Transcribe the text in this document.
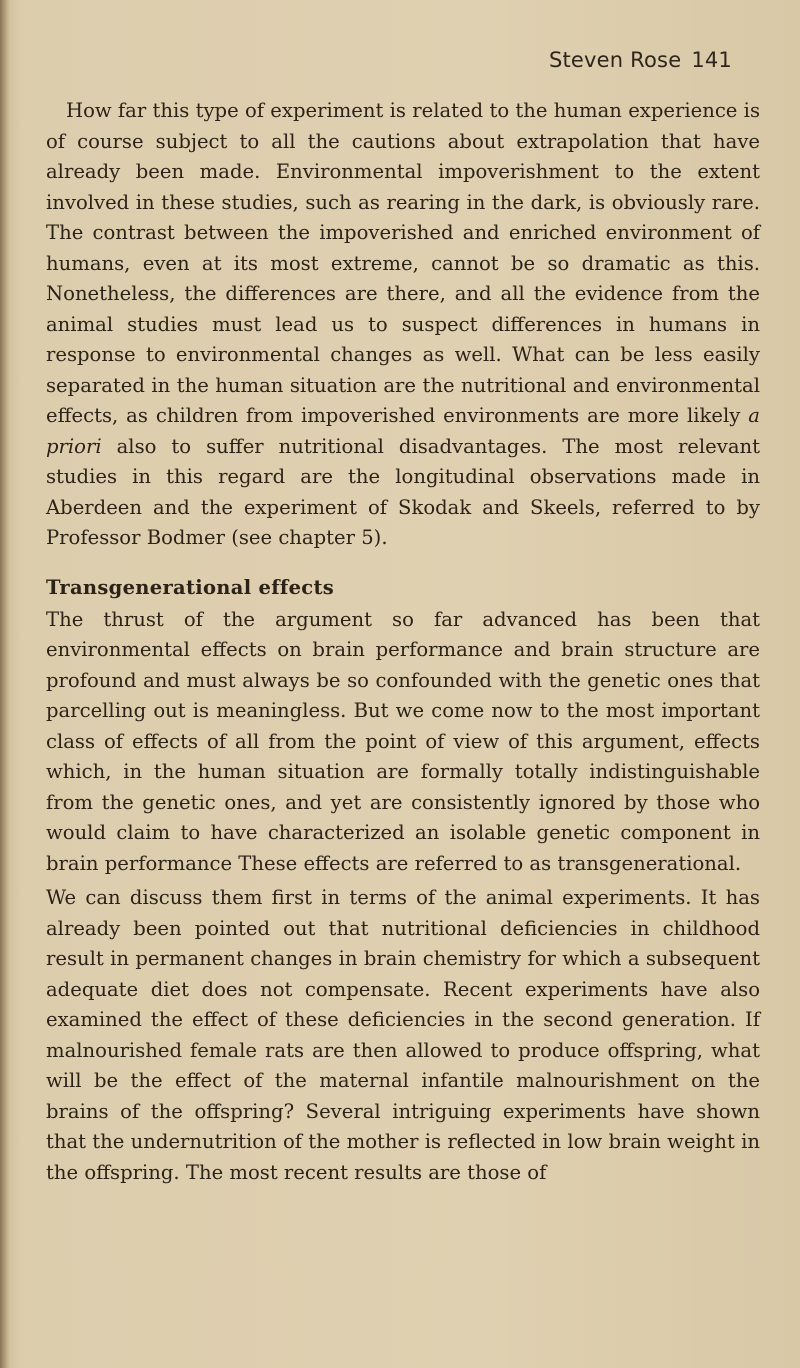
Steven Rose 141

How far this type of experiment is related to the human experience is of course subject to all the cautions about extrapolation that have already been made. Environmental impoverishment to the extent involved in these studies, such as rearing in the dark, is obviously rare. The contrast between the impoverished and enriched environment of humans, even at its most extreme, cannot be so dramatic as this. Nonetheless, the differences are there, and all the evidence from the animal studies must lead us to suspect differences in humans in response to environmental changes as well. What can be less easily separated in the human situation are the nutritional and environmental effects, as children from impoverished environments are more likely a priori also to suffer nutritional disadvantages. The most relevant studies in this regard are the longitudinal observations made in Aberdeen and the experiment of Skodak and Skeels, referred to by Professor Bodmer (see chapter 5).

Transgenerational effects

The thrust of the argument so far advanced has been that environmental effects on brain performance and brain structure are profound and must always be so confounded with the genetic ones that parcelling out is meaningless. But we come now to the most important class of effects of all from the point of view of this argument, effects which, in the human situation are formally totally indistinguishable from the genetic ones, and yet are consistently ignored by those who would claim to have characterized an isolable genetic component in brain performance These effects are referred to as transgenerational.

We can discuss them first in terms of the animal experiments. It has already been pointed out that nutritional deficiencies in childhood result in permanent changes in brain chemistry for which a subsequent adequate diet does not compensate. Recent experiments have also examined the effect of these deficiencies in the second generation. If malnourished female rats are then allowed to produce offspring, what will be the effect of the maternal infantile malnourishment on the brains of the offspring? Several intriguing experiments have shown that the undernutrition of the mother is reflected in low brain weight in the offspring. The most recent results are those of
